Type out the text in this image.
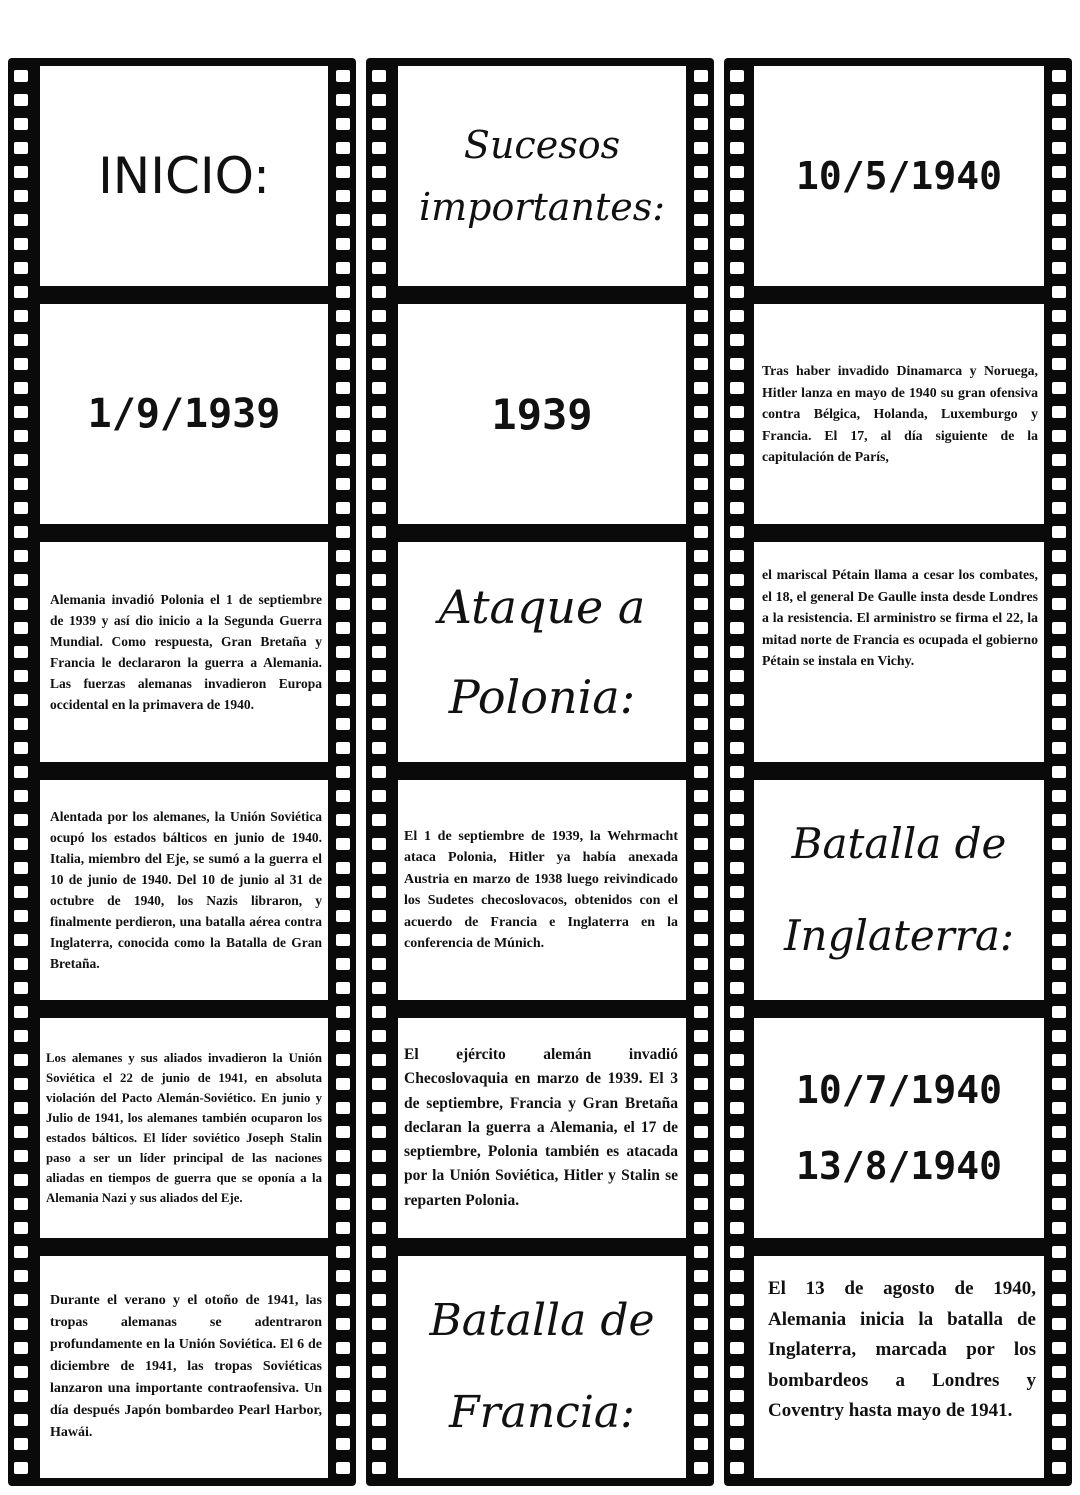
INICIO:
1/9/1939
Alemania invadió Polonia el 1 de septiembre de 1939 y así dio inicio a la Segunda Guerra Mundial. Como respuesta, Gran Bretaña y Francia le declararon la guerra a Alemania. Las fuerzas alemanas invadieron Europa occidental en la primavera de 1940.
Alentada por los alemanes, la Unión Soviética ocupó los estados bálticos en junio de 1940. Italia, miembro del Eje, se sumó a la guerra el 10 de junio de 1940. Del 10 de junio al 31 de octubre de 1940, los Nazis libraron, y finalmente perdieron, una batalla aérea contra Inglaterra, conocida como la Batalla de Gran Bretaña.
Los alemanes y sus aliados invadieron la Unión Soviética el 22 de junio de 1941, en absoluta violación del Pacto Alemán-Soviético. En junio y Julio de 1941, los alemanes también ocuparon los estados bálticos. El líder soviético Joseph Stalin paso a ser un líder principal de las naciones aliadas en tiempos de guerra que se oponía a la Alemania Nazi y sus aliados del Eje.
Durante el verano y el otoño de 1941, las tropas alemanas se adentraron profundamente en la Unión Soviética. El 6 de diciembre de 1941, las tropas Soviéticas lanzaron una importante contraofensiva. Un día después Japón bombardeo Pearl Harbor, Hawái.
Sucesos
importantes:
1939
Ataque a
Polonia:
El 1 de septiembre de 1939, la Wehrmacht ataca Polonia, Hitler ya había anexada Austria en marzo de 1938 luego reivindicado los Sudetes checoslovacos, obtenidos con el acuerdo de Francia e Inglaterra en la conferencia de Múnich.
El ejército alemán invadió Checoslovaquia en marzo de 1939. El 3 de septiembre, Francia y Gran Bretaña declaran la guerra a Alemania, el 17 de septiembre, Polonia también es atacada por la Unión Soviética, Hitler y Stalin se reparten Polonia.
Batalla de
Francia:
10/5/1940
Tras haber invadido Dinamarca y Noruega, Hitler lanza en mayo de 1940 su gran ofensiva contra Bélgica, Holanda, Luxemburgo y Francia. El 17, al día siguiente de la capitulación de París,
el mariscal Pétain llama a cesar los combates, el 18, el general De Gaulle insta desde Londres a la resistencia. El arministro se firma el 22, la mitad norte de Francia es ocupada el gobierno Pétain se instala en Vichy.
Batalla de
Inglaterra:
10/7/1940
13/8/1940
El 13 de agosto de 1940, Alemania inicia la batalla de Inglaterra, marcada por los bombardeos a Londres y Coventry hasta mayo de 1941.
